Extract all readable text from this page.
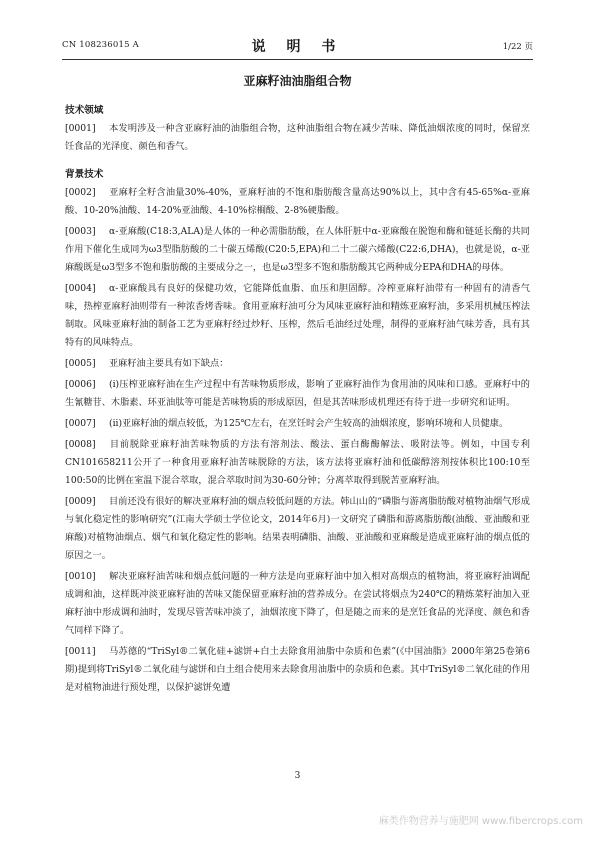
CN 108236015 A	说 明 书	1/22 页
亚麻籽油油脂组合物
技术领域

[0001] 本发明涉及一种含亚麻籽油的油脂组合物，这种油脂组合物在减少苦味、降低油烟浓度的同时，保留烹饪食品的光泽度、颜色和香气。

背景技术

[0002] 亚麻籽全籽含油量30%-40%，亚麻籽油的不饱和脂肪酸含量高达90%以上，其中含有45-65%α-亚麻酸、10-20%油酸、14-20%亚油酸、4-10%棕榈酸、2-8%硬脂酸。

[0003] α-亚麻酸(C18:3,ALA)是人体的一种必需脂肪酸，在人体肝脏中α-亚麻酸在脱饱和酶和链延长酶的共同作用下催化生成同为ω3型脂肪酸的二十碳五烯酸(C20:5,EPA)和二十二碳六烯酸(C22:6,DHA)，也就是说，α-亚麻酸既是ω3型多不饱和脂肪酸的主要成分之一，也是ω3型多不饱和脂肪酸其它两种成分EPA和DHA的母体。

[0004] α-亚麻酸具有良好的保健功效，它能降低血脂、血压和胆固醇。冷榨亚麻籽油带有一种固有的清香气味，热榨亚麻籽油则带有一种浓香烤香味。食用亚麻籽油可分为风味亚麻籽油和精炼亚麻籽油，多采用机械压榨法制取。风味亚麻籽油的制备工艺为亚麻籽经过炒籽、压榨，然后毛油经过处理，制得的亚麻籽油气味芳香，具有其特有的风味特点。

[0005] 亚麻籽油主要具有如下缺点：

[0006] (i)压榨亚麻籽油在生产过程中有苦味物质形成，影响了亚麻籽油作为食用油的风味和口感。亚麻籽中的生氰糖苷、木脂素、环亚油肽等可能是苦味物质的形成原因，但是其苦味形成机理还有待于进一步研究和证明。

[0007] (ii)亚麻籽油的烟点较低，为125℃左右，在烹饪时会产生较高的油烟浓度，影响环境和人员健康。

[0008] 目前脱除亚麻籽油苦味物质的方法有溶剂法、酸法、蛋白酶酶解法、吸附法等。例如，中国专利CN101658211公开了一种食用亚麻籽油苦味脱除的方法，该方法将亚麻籽油和低碳醇溶剂按体积比100:10至100:50的比例在室温下混合萃取，混合萃取时间为30-60分钟；分离萃取得到脱苦亚麻籽油。

[0009] 目前还没有很好的解决亚麻籽油的烟点较低问题的方法。韩山山的“磷脂与游离脂肪酸对植物油烟气形成与氧化稳定性的影响研究”(江南大学硕士学位论文，2014年6月)一文研究了磷脂和游离脂肪酸(油酸、亚油酸和亚麻酸)对植物油烟点、烟气和氧化稳定性的影响。结果表明磷脂、油酸、亚油酸和亚麻酸是造成亚麻籽油的烟点低的原因之一。

[0010] 解决亚麻籽油苦味和烟点低问题的一种方法是向亚麻籽油中加入相对高烟点的植物油，将亚麻籽油调配成调和油，这样既冲淡亚麻籽油的苦味又能保留亚麻籽油的营养成分。在尝试将烟点为240℃的精炼菜籽油加入亚麻籽油中形成调和油时，发现尽管苦味冲淡了，油烟浓度下降了，但是随之而来的是烹饪食品的光泽度、颜色和香气同样下降了。

[0011] 马苏德的“TriSyl®二氧化硅+滤饼+白土去除食用油脂中杂质和色素”(《中国油脂》2000年第25卷第6期)提到将TriSyl®二氧化硅与滤饼和白土组合使用来去除食用油脂中的杂质和色素。其中TriSyl®二氧化硅的作用是对植物油进行预处理，以保护滤饼免遭

3
麻类作物营养与施肥网 www.fibercrops.com
